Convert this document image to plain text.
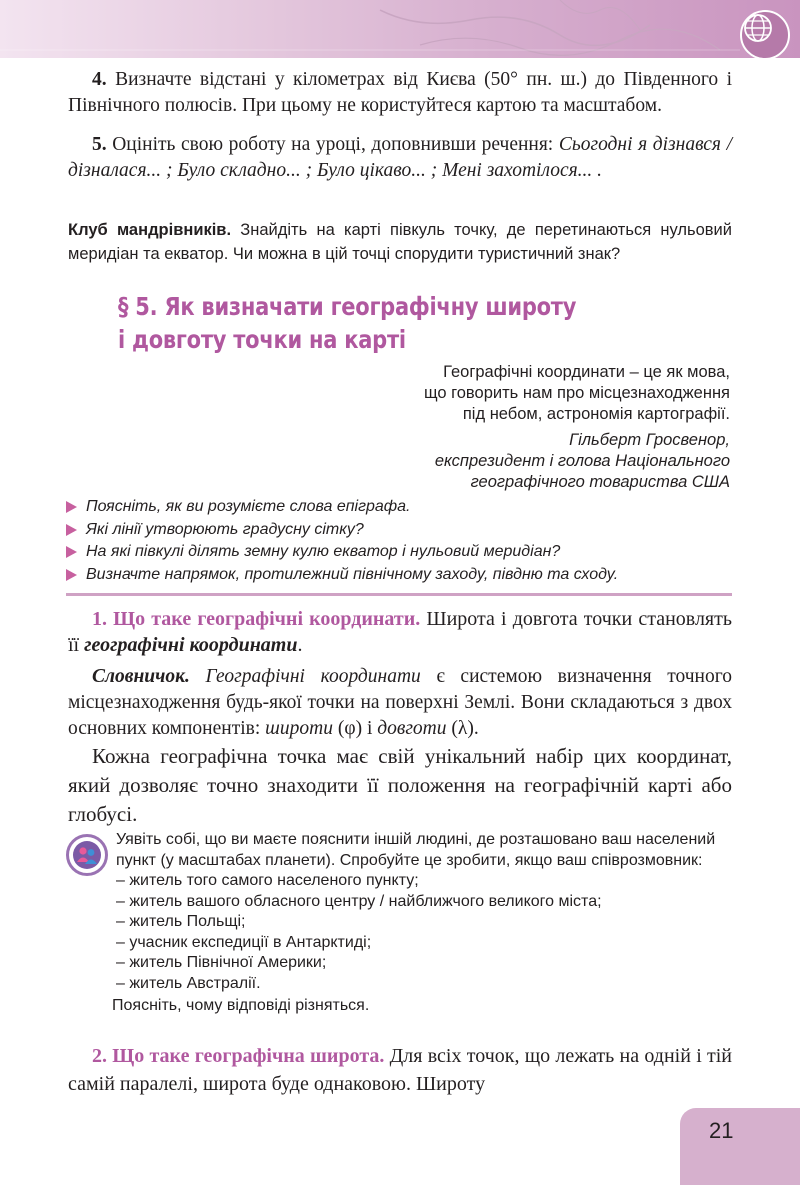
4. Визначте відстані у кілометрах від Києва (50° пн. ш.) до Південного і Північного полюсів. При цьому не користуйтеся картою та масштабом.
5. Оцініть свою роботу на уроці, доповнивши речення: Сьогодні я дізнався / дізналася... ; Було складно... ; Було цікаво... ; Мені захотілося... .
Клуб мандрівників. Знайдіть на карті півкуль точку, де перетинаються нульовий меридіан та екватор. Чи можна в цій точці спорудити туристичний знак?
§ 5. Як визначати географічну широту
і довготу точки на карті
Географічні координати – це як мова,
що говорить нам про місцезнаходження
під небом, астрономія картографії.
Гільберт Гросвенор,
експрезидент і голова Національного
географічного товариства США
Поясніть, як ви розумієте слова епіграфа.
Які лінії утворюють градусну сітку?
На які півкулі ділять земну кулю екватор і нульовий меридіан?
Визначте напрямок, протилежний північному заходу, півдню та сходу.
1. Що таке географічні координати. Широта і довгота точки становлять її географічні координати.
Словничок. Географічні координати є системою визначення точного місцезнаходження будь-якої точки на поверхні Землі. Вони складаються з двох основних компонентів: широти (φ) і довготи (λ).
Кожна географічна точка має свій унікальний набір цих координат, який дозволяє точно знаходити її положення на географічній карті або глобусі.
Уявіть собі, що ви маєте пояснити іншій людині, де розташовано ваш населений пункт (у масштабах планети). Спробуйте це зробити, якщо ваш співрозмовник:
– житель того самого населеного пункту;
– житель вашого обласного центру / найближчого великого міста;
– житель Польщі;
– учасник експедиції в Антарктиді;
– житель Північної Америки;
– житель Австралії.
Поясніть, чому відповіді різняться.
2. Що таке географічна широта. Для всіх точок, що лежать на одній і тій самій паралелі, широта буде однаковою. Широту
21
